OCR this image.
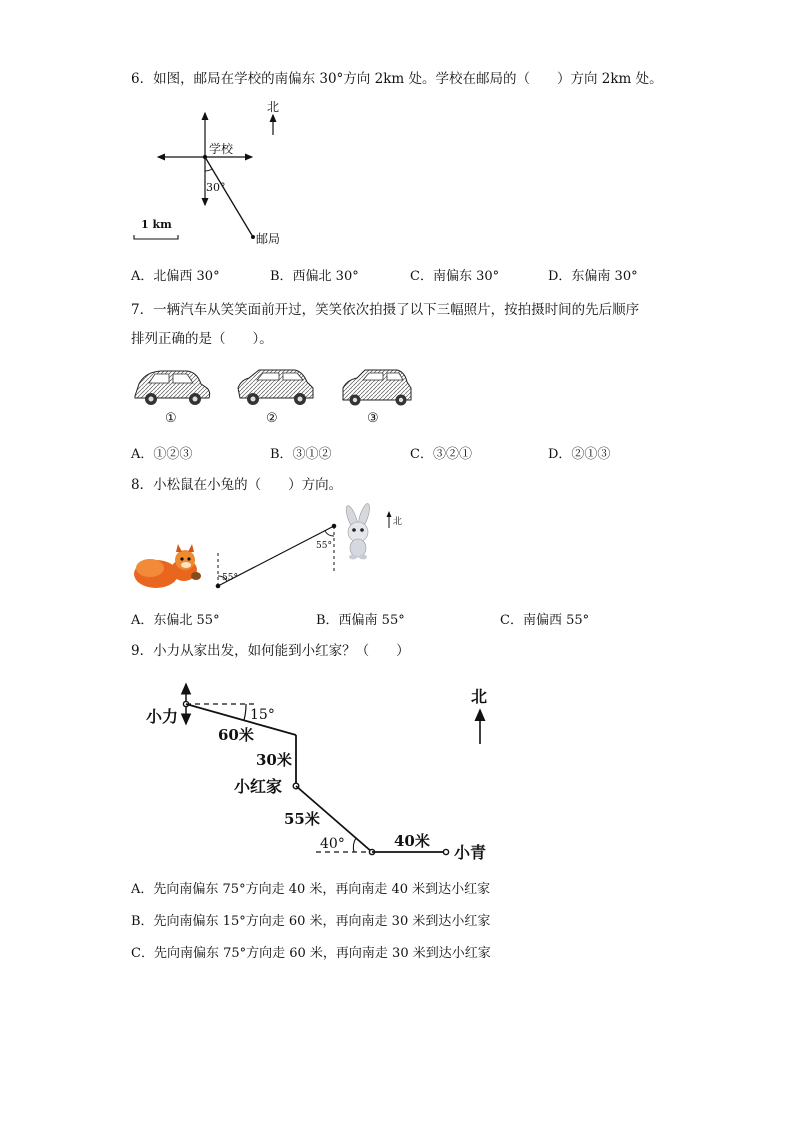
6．如图，邮局在学校的南偏东 30°方向 2km 处。学校在邮局的（　　）方向 2km 处。
北
学校
30°
邮局
1 km
A．北偏西 30°	B．西偏北 30°	C．南偏东 30°	D．东偏南 30°
7．一辆汽车从笑笑面前开过，笑笑依次拍摄了以下三幅照片，按拍摄时间的先后顺序
排列正确的是（　　）。
①	②	③
A．①②③	B．③①②	C．③②①	D．②①③
8．小松鼠在小兔的（　　）方向。
55°
55°
北
A．东偏北 55°	B．西偏南 55°	C．南偏西 55°
9．小力从家出发，如何能到小红家？（　　）
北
小力	15°
60米
30米
小红家
55米
40°	40米
小青
A．先向南偏东 75°方向走 40 米，再向南走 40 米到达小红家
B．先向南偏东 15°方向走 60 米，再向南走 30 米到达小红家
C．先向南偏东 75°方向走 60 米，再向南走 30 米到达小红家
